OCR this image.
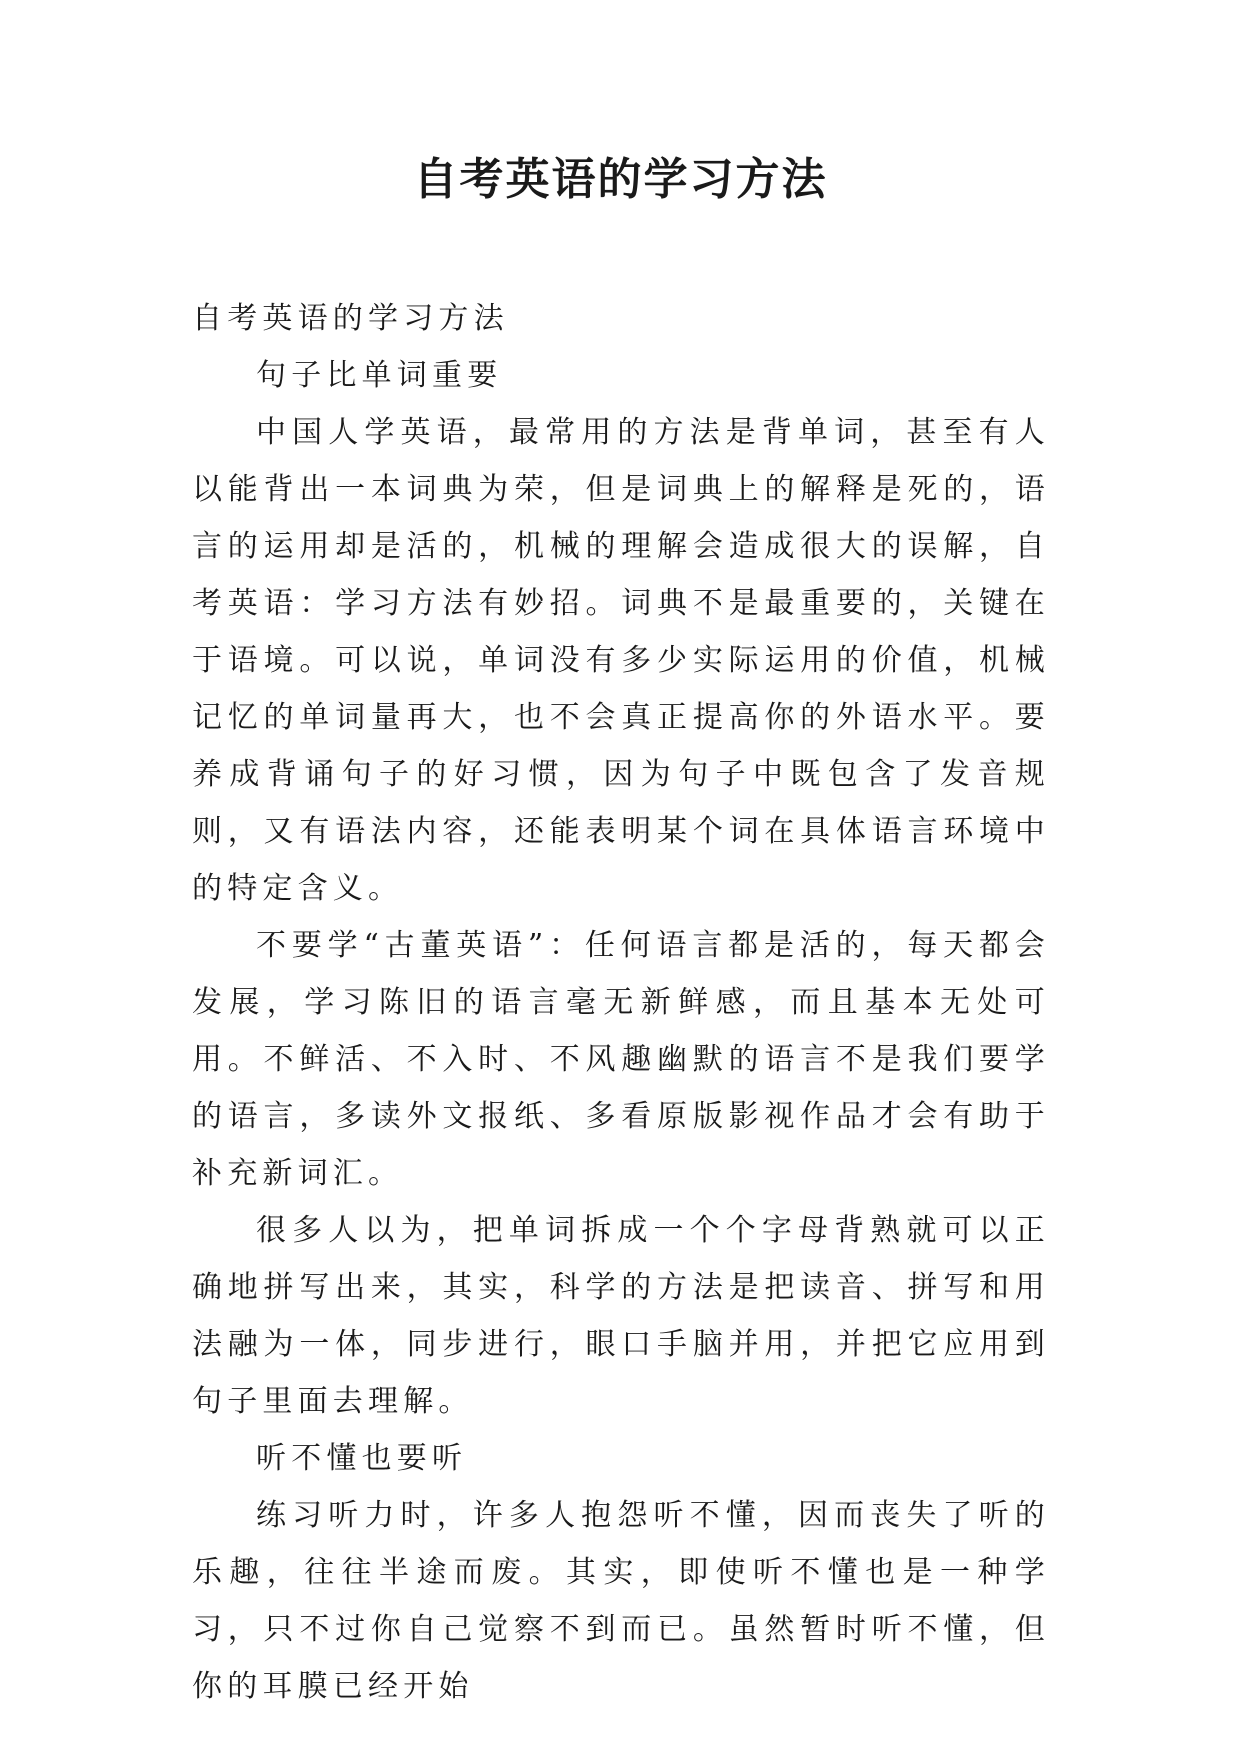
自考英语的学习方法

自考英语的学习方法

句子比单词重要

中国人学英语，最常用的方法是背单词，甚至有人以能背出一本词典为荣，但是词典上的解释是死的，语言的运用却是活的，机械的理解会造成很大的误解，自考英语：学习方法有妙招。词典不是最重要的，关键在于语境。可以说，单词没有多少实际运用的价值，机械记忆的单词量再大，也不会真正提高你的外语水平。要养成背诵句子的好习惯，因为句子中既包含了发音规则，又有语法内容，还能表明某个词在具体语言环境中的特定含义。

不要学“古董英语”：任何语言都是活的，每天都会发展，学习陈旧的语言毫无新鲜感，而且基本无处可用。不鲜活、不入时、不风趣幽默的语言不是我们要学的语言，多读外文报纸、多看原版影视作品才会有助于补充新词汇。

很多人以为，把单词拆成一个个字母背熟就可以正确地拼写出来，其实，科学的方法是把读音、拼写和用法融为一体，同步进行，眼口手脑并用，并把它应用到句子里面去理解。

听不懂也要听

练习听力时，许多人抱怨听不懂，因而丧失了听的乐趣，往往半途而废。其实，即使听不懂也是一种学习，只不过你自己觉察不到而已。虽然暂时听不懂，但你的耳膜已经开始
